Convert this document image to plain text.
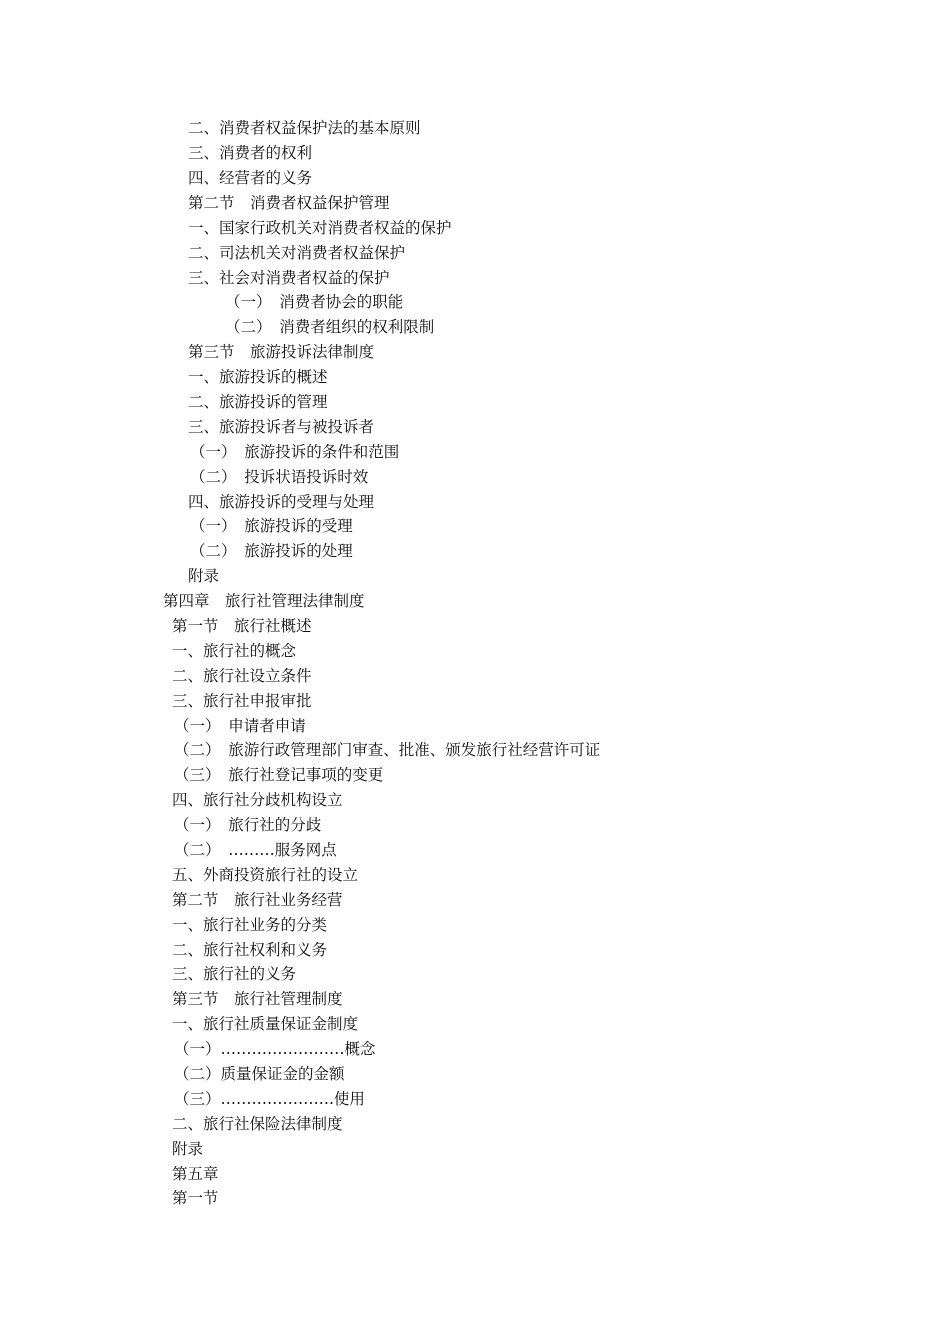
二、消费者权益保护法的基本原则
三、消费者的权利
四、经营者的义务
第二节　消费者权益保护管理
一、国家行政机关对消费者权益的保护
二、司法机关对消费者权益保护
三、社会对消费者权益的保护
（一）　消费者协会的职能
（二）　消费者组织的权利限制
第三节　旅游投诉法律制度
一、旅游投诉的概述
二、旅游投诉的管理
三、旅游投诉者与被投诉者
（一）　旅游投诉的条件和范围
（二）　投诉状语投诉时效
四、旅游投诉的受理与处理
（一）　旅游投诉的受理
（二）　旅游投诉的处理
附录
第四章　旅行社管理法律制度
第一节　旅行社概述
一、旅行社的概念
二、旅行社设立条件
三、旅行社申报审批
（一）　申请者申请
（二）　旅游行政管理部门审查、批准、颁发旅行社经营许可证
（三）　旅行社登记事项的变更
四、旅行社分歧机构设立
（一）　旅行社的分歧
（二）　………服务网点
五、外商投资旅行社的设立
第二节　旅行社业务经营
一、旅行社业务的分类
二、旅行社权利和义务
三、旅行社的义务
第三节　旅行社管理制度
一、旅行社质量保证金制度
（一）……………………概念
（二）质量保证金的金额
（三）………………….使用
二、旅行社保险法律制度
附录
第五章
第一节
